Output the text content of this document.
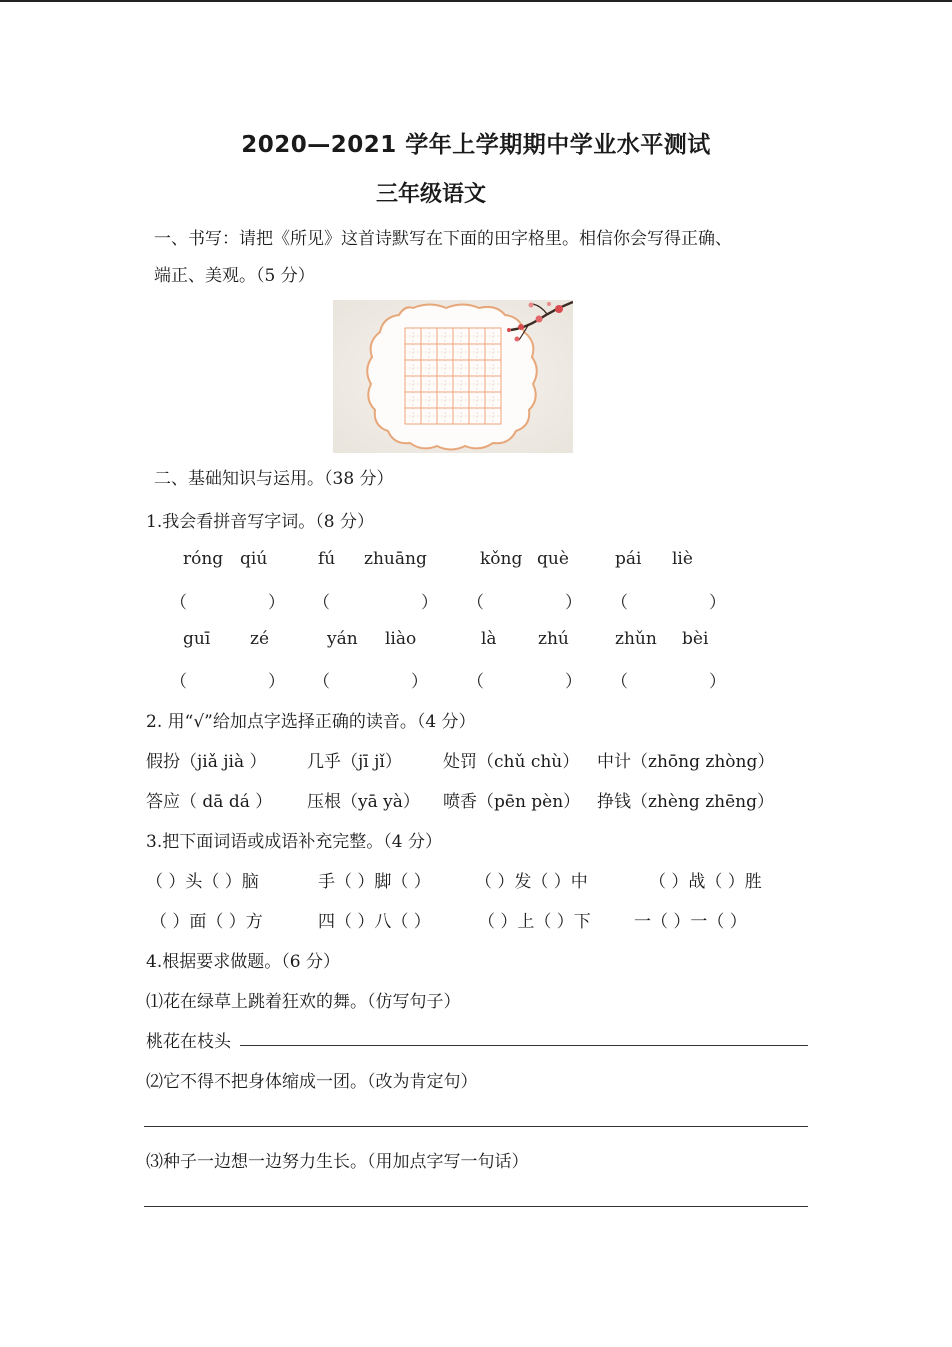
2020—2021 学年上学期期中学业水平测试
三年级语文
一、书写：请把《所见》这首诗默写在下面的田字格里。相信你会写得正确、
端正、美观。（5 分）
二、基础知识与运用。（38 分）
1.我会看拼音写字词。（8 分）
róng qiú	fú zhuāng	kǒng què	pái liè
（	） （	） （	） （	）
guī zé	yán liào	là zhú	zhǔn bèi
（	） （	） （	） （	）
2. 用“√”给加点字选择正确的读音。（4 分）
假扮（jiǎ jià ） 几乎（jī jǐ） 处罚（chǔ chù） 中计（zhōng zhòng）
答应（ dā dá ） 压根（yā yà） 喷香（pēn pèn） 挣钱（zhèng zhēng）
3.把下面词语或成语补充完整。（4 分）
（ ）头（ ）脑	手（ ）脚（ ）	（ ）发（ ）中	（ ）战（ ）胜
（ ）面（ ）方	四（ ）八（ ）	（ ）上（ ）下	一（ ）一（ ）
4.根据要求做题。（6 分）
⑴花在绿草上跳着狂欢的舞。（仿写句子）
桃花在枝头
⑵它不得不把身体缩成一团。（改为肯定句）
⑶种子一边想一边努力生长。（用加点字写一句话）
